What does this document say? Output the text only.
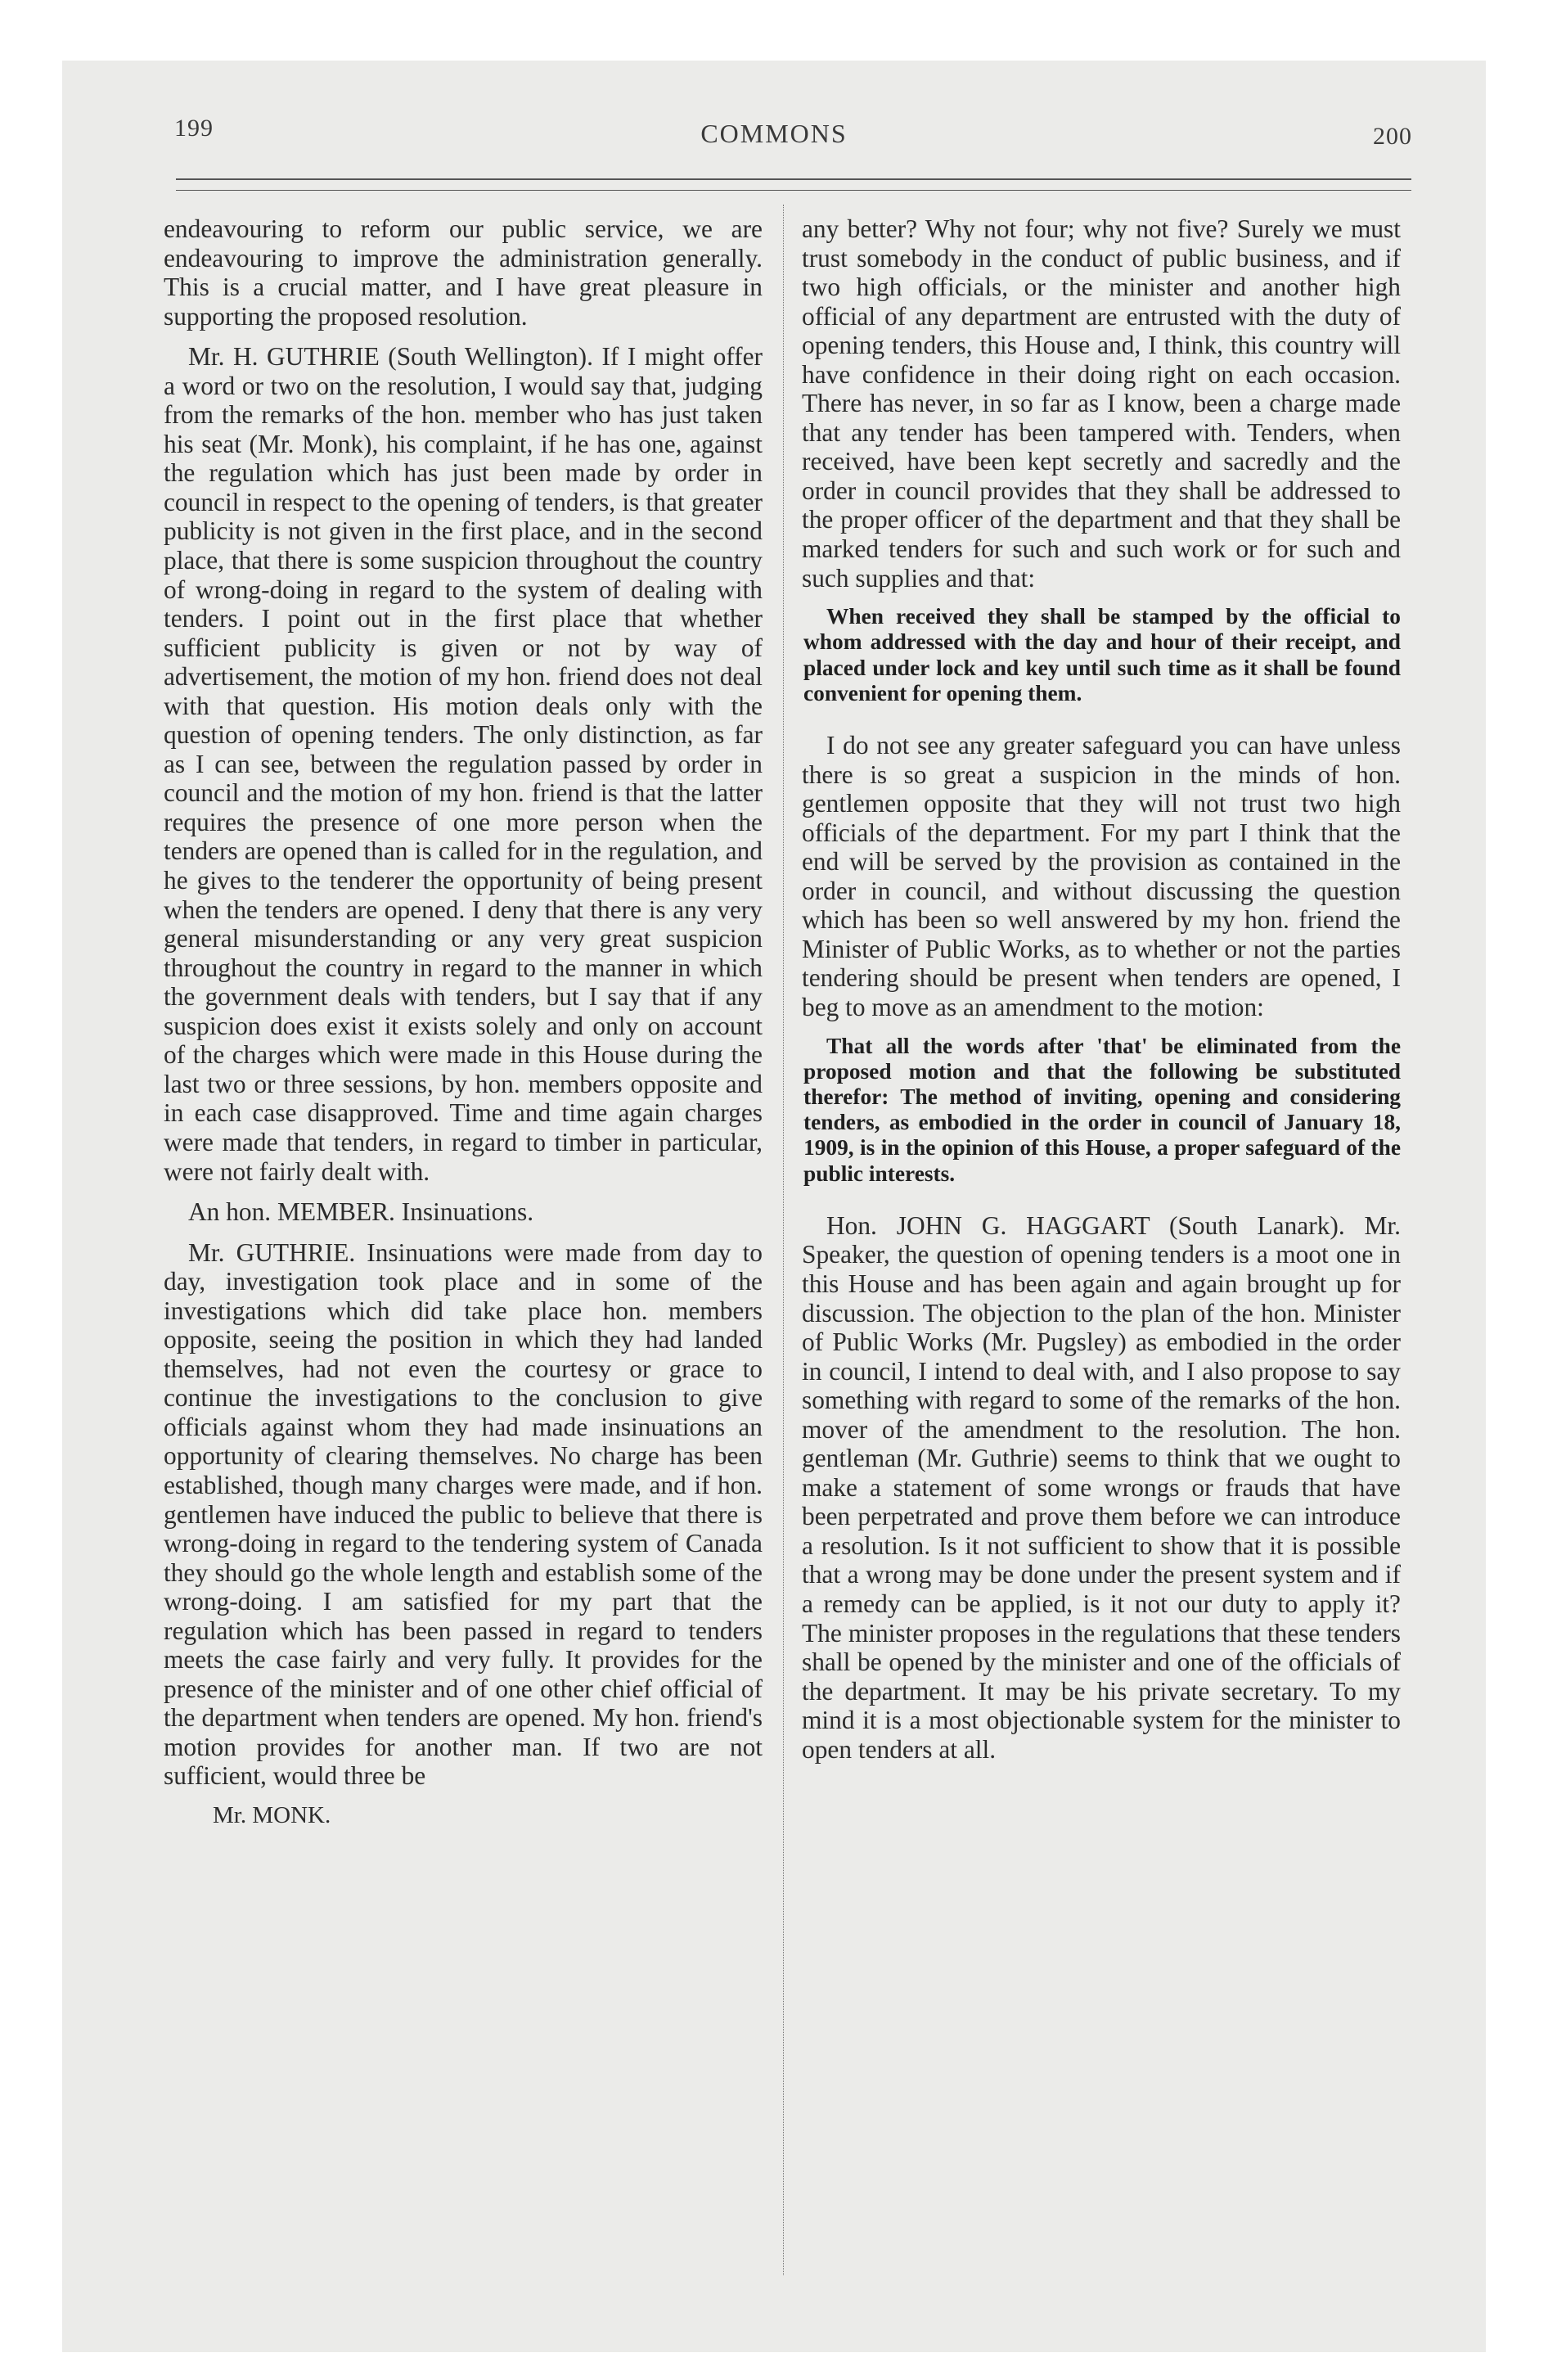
199	COMMONS	200

endeavouring to reform our public service, we are endeavouring to improve the administration generally. This is a crucial matter, and I have great pleasure in supporting the proposed resolution.

Mr. H. GUTHRIE (South Wellington). If I might offer a word or two on the resolution, I would say that, judging from the remarks of the hon. member who has just taken his seat (Mr. Monk), his complaint, if he has one, against the regulation which has just been made by order in council in respect to the opening of tenders, is that greater publicity is not given in the first place, and in the second place, that there is some suspicion throughout the country of wrong-doing in regard to the system of dealing with tenders. I point out in the first place that whether sufficient publicity is given or not by way of advertisement, the motion of my hon. friend does not deal with that question. His motion deals only with the question of opening tenders. The only distinction, as far as I can see, between the regulation passed by order in council and the motion of my hon. friend is that the latter requires the presence of one more person when the tenders are opened than is called for in the regulation, and he gives to the tenderer the opportunity of being present when the tenders are opened. I deny that there is any very general misunderstanding or any very great suspicion throughout the country in regard to the manner in which the government deals with tenders, but I say that if any suspicion does exist it exists solely and only on account of the charges which were made in this House during the last two or three sessions, by hon. members opposite and in each case disapproved. Time and time again charges were made that tenders, in regard to timber in particular, were not fairly dealt with.

An hon. MEMBER. Insinuations.

Mr. GUTHRIE. Insinuations were made from day to day, investigation took place and in some of the investigations which did take place hon. members opposite, seeing the position in which they had landed themselves, had not even the courtesy or grace to continue the investigations to the conclusion to give officials against whom they had made insinuations an opportunity of clearing themselves. No charge has been established, though many charges were made, and if hon. gentlemen have induced the public to believe that there is wrong-doing in regard to the tendering system of Canada they should go the whole length and establish some of the wrong-doing. I am satisfied for my part that the regulation which has been passed in regard to tenders meets the case fairly and very fully. It provides for the presence of the minister and of one other chief official of the department when tenders are opened. My hon. friend's motion provides for another man. If two are not sufficient, would three be

Mr. MONK.

any better? Why not four; why not five? Surely we must trust somebody in the conduct of public business, and if two high officials, or the minister and another high official of any department are entrusted with the duty of opening tenders, this House and, I think, this country will have confidence in their doing right on each occasion. There has never, in so far as I know, been a charge made that any tender has been tampered with. Tenders, when received, have been kept secretly and sacredly and the order in council provides that they shall be addressed to the proper officer of the department and that they shall be marked tenders for such and such work or for such and such supplies and that:

When received they shall be stamped by the official to whom addressed with the day and hour of their receipt, and placed under lock and key until such time as it shall be found convenient for opening them.

I do not see any greater safeguard you can have unless there is so great a suspicion in the minds of hon. gentlemen opposite that they will not trust two high officials of the department. For my part I think that the end will be served by the provision as contained in the order in council, and without discussing the question which has been so well answered by my hon. friend the Minister of Public Works, as to whether or not the parties tendering should be present when tenders are opened, I beg to move as an amendment to the motion:

That all the words after 'that' be eliminated from the proposed motion and that the following be substituted therefor: The method of inviting, opening and considering tenders, as embodied in the order in council of January 18, 1909, is in the opinion of this House, a proper safeguard of the public interests.

Hon. JOHN G. HAGGART (South Lanark). Mr. Speaker, the question of opening tenders is a moot one in this House and has been again and again brought up for discussion. The objection to the plan of the hon. Minister of Public Works (Mr. Pugsley) as embodied in the order in council, I intend to deal with, and I also propose to say something with regard to some of the remarks of the hon. mover of the amendment to the resolution. The hon. gentleman (Mr. Guthrie) seems to think that we ought to make a statement of some wrongs or frauds that have been perpetrated and prove them before we can introduce a resolution. Is it not sufficient to show that it is possible that a wrong may be done under the present system and if a remedy can be applied, is it not our duty to apply it? The minister proposes in the regulations that these tenders shall be opened by the minister and one of the officials of the department. It may be his private secretary. To my mind it is a most objectionable system for the minister to open tenders at all.
